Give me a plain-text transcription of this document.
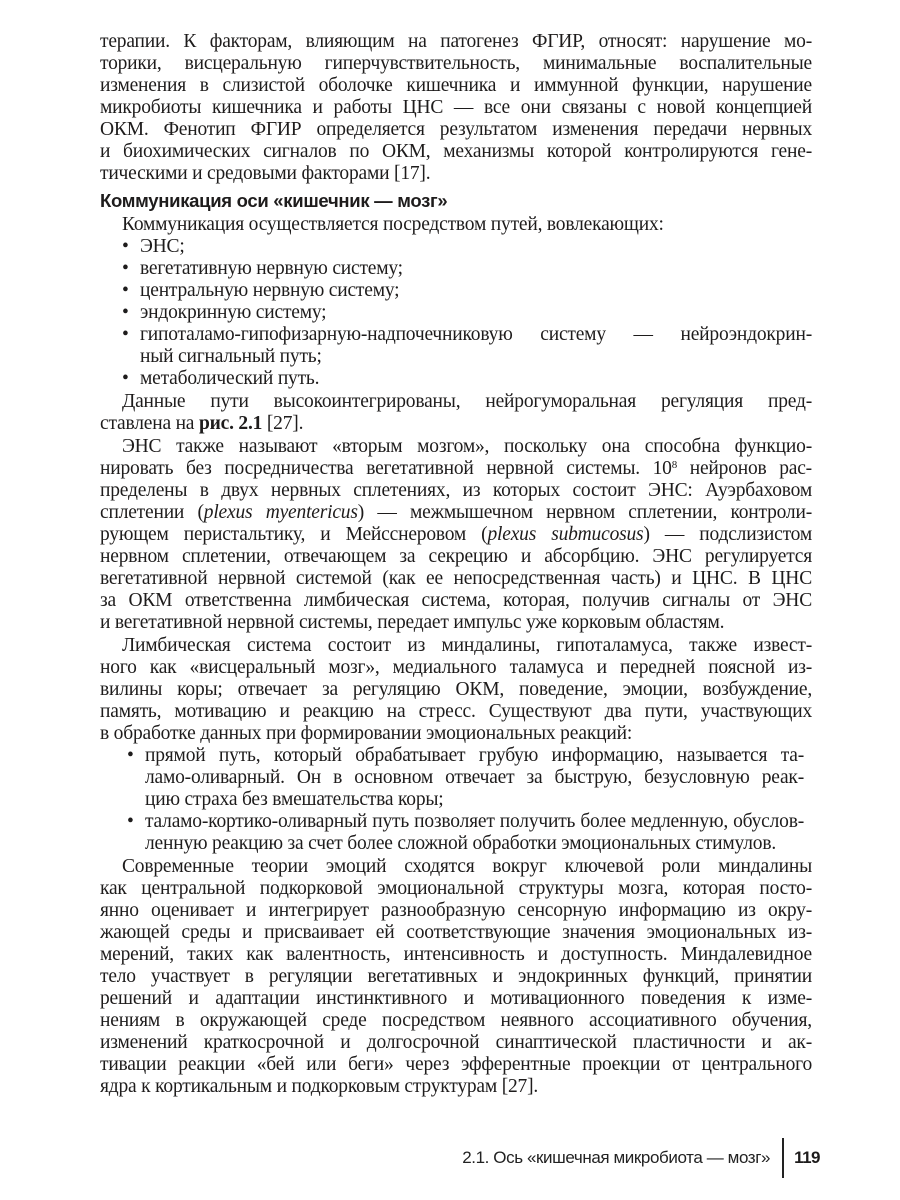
терапии. К факторам, влияющим на патогенез ФГИР, относят: нарушение мо-
торики, висцеральную гиперчувствительность, минимальные воспалительные
изменения в слизистой оболочке кишечника и иммунной функции, нарушение
микробиоты кишечника и работы ЦНС — все они связаны с новой концепцией
ОКМ. Фенотип ФГИР определяется результатом изменения передачи нервных
и биохимических сигналов по ОКМ, механизмы которой контролируются гене-
тическими и средовыми факторами [17].
Коммуникация оси «кишечник — мозг»
Коммуникация осуществляется посредством путей, вовлекающих:
• ЭНС;
• вегетативную нервную систему;
• центральную нервную систему;
• эндокринную систему;
• гипоталамо-гипофизарную-надпочечниковую систему — нейроэндокрин-
ный сигнальный путь;
• метаболический путь.
Данные пути высокоинтегрированы, нейрогуморальная регуляция пред-
ставлена на рис. 2.1 [27].
ЭНС также называют «вторым мозгом», поскольку она способна функцио-
нировать без посредничества вегетативной нервной системы. $10^8$ нейронов рас-
пределены в двух нервных сплетениях, из которых состоит ЭНС: Ауэрбаховом
сплетении (plexus myentericus) — межмышечном нервном сплетении, контроли-
рующем перистальтику, и Мейсснеровом (plexus submucosus) — подслизистом
нервном сплетении, отвечающем за секрецию и абсорбцию. ЭНС регулируется
вегетативной нервной системой (как ее непосредственная часть) и ЦНС. В ЦНС
за ОКМ ответственна лимбическая система, которая, получив сигналы от ЭНС
и вегетативной нервной системы, передает импульс уже корковым областям.
Лимбическая система состоит из миндалины, гипоталамуса, также извест-
ного как «висцеральный мозг», медиального таламуса и передней поясной из-
вилины коры; отвечает за регуляцию ОКМ, поведение, эмоции, возбуждение,
память, мотивацию и реакцию на стресс. Существуют два пути, участвующих
в обработке данных при формировании эмоциональных реакций:
• прямой путь, который обрабатывает грубую информацию, называется та-
ламо-оливарный. Он в основном отвечает за быструю, безусловную реак-
цию страха без вмешательства коры;
• таламо-кортико-оливарный путь позволяет получить более медленную, обуслов-
ленную реакцию за счет более сложной обработки эмоциональных стимулов.
Современные теории эмоций сходятся вокруг ключевой роли миндалины
как центральной подкорковой эмоциональной структуры мозга, которая посто-
янно оценивает и интегрирует разнообразную сенсорную информацию из окру-
жающей среды и присваивает ей соответствующие значения эмоциональных из-
мерений, таких как валентность, интенсивность и доступность. Миндалевидное
тело участвует в регуляции вегетативных и эндокринных функций, принятии
решений и адаптации инстинктивного и мотивационного поведения к изме-
нениям в окружающей среде посредством неявного ассоциативного обучения,
изменений краткосрочной и долгосрочной синаптической пластичности и ак-
тивации реакции «бей или беги» через эфферентные проекции от центрального
ядра к кортикальным и подкорковым структурам [27].
2.1. Ось «кишечная микробиота — мозг» 119
